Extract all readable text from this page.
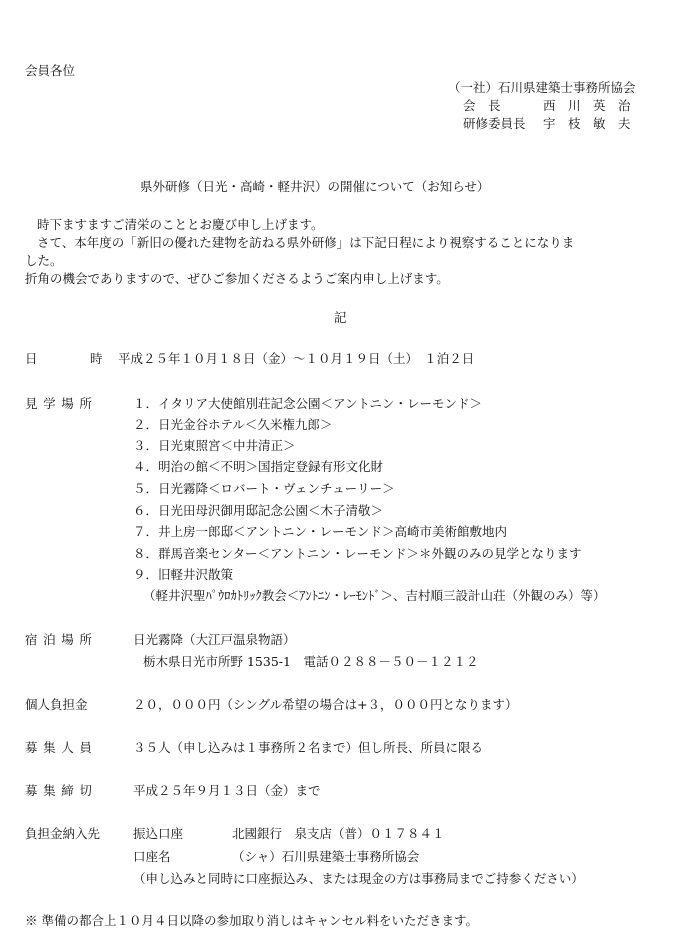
会員各位
（一社）石川県建築士事務所協会
会　長	西　川　英　治
研修委員長 宇　枝　敏　夫
県外研修（日光・高崎・軽井沢）の開催について（お知らせ）
時下ますますご清栄のこととお慶び申し上げます。
さて、本年度の「新旧の優れた建物を訪ねる県外研修」は下記日程により視察することになりま
した。
折角の機会でありますので、ぜひご参加くださるようご案内申し上げます。
記
日	時 平成２５年１０月１８日（金）～１０月１９日（土）　１泊２日
見学場所	１．イタリア大使館別荘記念公園＜アントニン・レーモンド＞
２．日光金谷ホテル＜久米権九郎＞
３．日光東照宮＜中井清正＞
４．明治の館＜不明＞国指定登録有形文化財
５．日光霧降＜ロバート・ヴェンチューリー＞
６．日光田母沢御用邸記念公園＜木子清敬＞
７．井上房一郎邸＜アントニン・レーモンド＞高崎市美術館敷地内
８．群馬音楽センター＜アントニン・レーモンド＞＊外観のみの見学となります
９．旧軽井沢散策
（軽井沢聖ﾊﾟｳﾛｶﾄﾘｯｸ教会＜ｱﾝﾄﾆﾝ・ﾚｰﾓﾝﾄﾞ＞、吉村順三設計山荘（外観のみ）等）
宿泊場所	日光霧降（大江戸温泉物語）
栃木県日光市所野 1535-1　電話０２８８－５０－１２１２
個人負担金	２０，０００円（シングル希望の場合は+３，０００円となります）
募集人員	３５人（申し込みは１事務所２名まで）但し所長、所員に限る
募集締切	平成２５年９月１３日（金）まで
負担金納入先	振込口座	北國銀行　泉支店（普）０１７８４１
口座名	（シャ）石川県建築士事務所協会
（申し込みと同時に口座振込み、または現金の方は事務局までご持参ください）
※ 準備の都合上１０月４日以降の参加取り消しはキャンセル料をいただきます。
